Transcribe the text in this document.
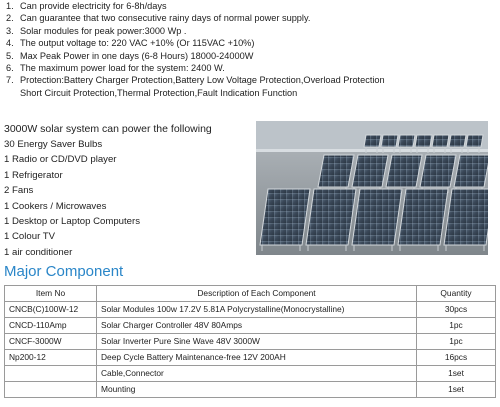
1. Can provide electricity for 6-8h/days
2. Can guarantee that two consecutive rainy days of normal power supply.
3. Solar modules for peak power:3000 Wp .
4. The output voltage to: 220 VAC +10% (Or 115VAC +10%)
5. Max Peak Power in one days (6-8 Hours) 18000-24000W
6. The maximum power load for the system: 2400 W.
7. Protection:Battery Charger Protection,Battery Low Voltage Protection,Overload Protection
Short Circuit Protection,Thermal Protection,Fault Indication Function
3000W solar system can power the following
30 Energy Saver Bulbs
1 Radio or CD/DVD player
1 Refrigerator
2 Fans
1 Cookers / Microwaves
1 Desktop or Laptop Computers
1 Colour TV
1 air conditioner
Major Component
Item No	Description of Each Component	Quantity
CNCB(C)100W-12	Solar Modules 100w 17.2V 5.81A Polycrystalline(Monocrystalline)	30pcs
CNCD-110Amp	Solar Charger Controller 48V 80Amps	1pc
CNCF-3000W	Solar Inverter Pure Sine Wave 48V 3000W	1pc
Np200-12	Deep Cycle Battery Maintenance-free 12V 200AH	16pcs
	Cable,Connector	1set
	Mounting	1set
